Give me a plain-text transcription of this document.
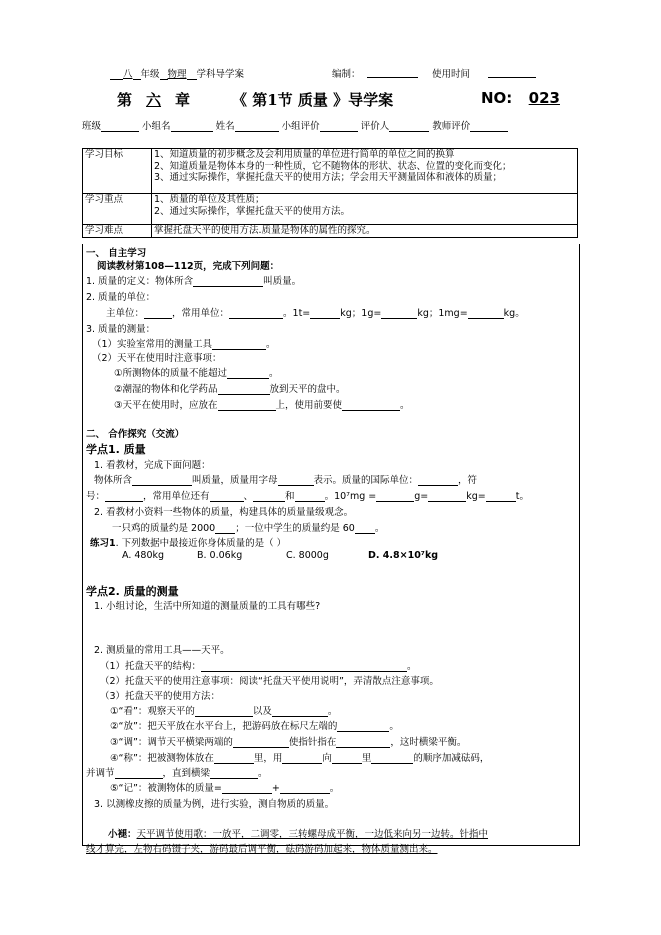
八 年级 物理 学科导学案	编制：	使用时间
第 六 章	《 第1节 质量 》导学案	NO: 023
班级	小组名	姓名	小组评价	评价人	教师评价
学习目标	1、知道质量的初步概念及会利用质量的单位进行简单的单位之间的换算
2、知道质量是物体本身的一种性质，它不随物体的形状、状态、位置的变化而变化；
3、通过实际操作，掌握托盘天平的使用方法；学会用天平测量固体和液体的质量；

学习重点	1、质量的单位及其性质；
2、通过实际操作，掌握托盘天平的使用方法。

学习难点	掌握托盘天平的使用方法.质量是物体的属性的探究。
一、 自主学习
阅读教材第108—112页，完成下列问题：
1. 质量的定义：物体所含	叫质量。
2. 质量的单位：
主单位：	，常用单位：	。1t=	kg；1g=	kg；1mg=	kg。
3. 质量的测量：
（1）实验室常用的测量工具	。
（2）天平在使用时注意事项：
①所测物体的质量不能超过	。
②潮湿的物体和化学药品	放到天平的盘中。
③天平在使用时，应放在	上，使用前要使	。
二、 合作探究（交流）
学点1. 质量
1. 看教材，完成下面问题：
物体所含	叫质量，质量用字母	表示。质量的国际单位：	，符
号：	，常用单位还有	、	和	。10⁷mg =	g=	kg=	t。
2. 看教材小资料一些物体的质量，构建具体的质量量级观念。
一只鸡的质量约是 2000 ；一位中学生的质量约是 60 。
练习1. 下列数据中最接近你身体质量的是（ ）
A. 480kg	B. 0.06kg	C. 8000g	D. 4.8×10⁷kg
学点2. 质量的测量
1. 小组讨论，生活中所知道的测量质量的工具有哪些?
2. 测质量的常用工具——天平。
（1）托盘天平的结构：	。
（2）托盘天平的使用注意事项：阅读“托盘天平使用说明”，弄清散点注意事项。
（3）托盘天平的使用方法：
①“看”：观察天平的	以及	。
②“放”：把天平放在水平台上，把游码放在标尺左端的	。
③“调”：调节天平横梁两端的	使指针指在	，这时横梁平衡。
④“称”：把被测物体放在	里，用	向	里	的顺序加减砝码，
并调节	，直到横梁	。
⑤“记”：被测物体的质量=	+	。
3. 以测橡皮擦的质量为例，进行实验，测自物质的质量。
小褪：天平调节使用歌：一放平，二调零，三转螺母成平衡，一边低来向另一边转。针指中
线才算完，左物右码镊子夹，游码最后调平衡，砝码游码加起来，物体质量测出来。
